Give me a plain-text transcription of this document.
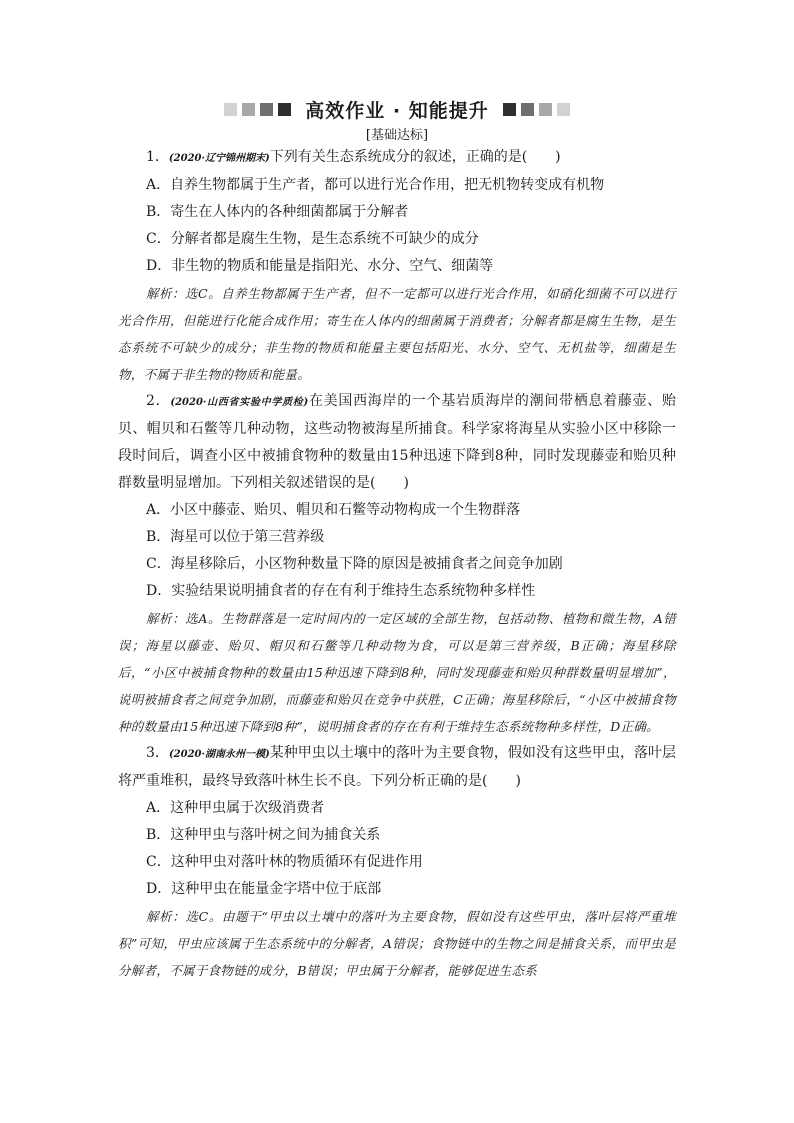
高效作业 · 知能提升
[基础达标]

1．(2020·辽宁锦州期末)下列有关生态系统成分的叙述，正确的是(　　)

A．自养生物都属于生产者，都可以进行光合作用，把无机物转变成有机物

B．寄生在人体内的各种细菌都属于分解者

C．分解者都是腐生生物，是生态系统不可缺少的成分

D．非生物的物质和能量是指阳光、水分、空气、细菌等

解析：选C。自养生物都属于生产者，但不一定都可以进行光合作用，如硝化细菌不可以进行光合作用，但能进行化能合成作用；寄生在人体内的细菌属于消费者；分解者都是腐生生物，是生态系统不可缺少的成分；非生物的物质和能量主要包括阳光、水分、空气、无机盐等，细菌是生物，不属于非生物的物质和能量。

2．(2020·山西省实验中学质检)在美国西海岸的一个基岩质海岸的潮间带栖息着藤壶、贻贝、帽贝和石鳖等几种动物，这些动物被海星所捕食。科学家将海星从实验小区中移除一段时间后，调查小区中被捕食物种的数量由15种迅速下降到8种，同时发现藤壶和贻贝种群数量明显增加。下列相关叙述错误的是(　　)

A．小区中藤壶、贻贝、帽贝和石鳖等动物构成一个生物群落

B．海星可以位于第三营养级

C．海星移除后，小区物种数量下降的原因是被捕食者之间竞争加剧

D．实验结果说明捕食者的存在有利于维持生态系统物种多样性

解析：选A。生物群落是一定时间内的一定区域的全部生物，包括动物、植物和微生物，A错误；海星以藤壶、贻贝、帽贝和石鳖等几种动物为食，可以是第三营养级，B正确；海星移除后，“小区中被捕食物种的数量由15种迅速下降到8种，同时发现藤壶和贻贝种群数量明显增加”，说明被捕食者之间竞争加剧，而藤壶和贻贝在竞争中获胜，C正确；海星移除后，“小区中被捕食物种的数量由15种迅速下降到8种”，说明捕食者的存在有利于维持生态系统物种多样性，D正确。

3．(2020·湖南永州一模)某种甲虫以土壤中的落叶为主要食物，假如没有这些甲虫，落叶层将严重堆积，最终导致落叶林生长不良。下列分析正确的是(　　)

A．这种甲虫属于次级消费者

B．这种甲虫与落叶树之间为捕食关系

C．这种甲虫对落叶林的物质循环有促进作用

D．这种甲虫在能量金字塔中位于底部

解析：选C。由题干“甲虫以土壤中的落叶为主要食物，假如没有这些甲虫，落叶层将严重堆积”可知，甲虫应该属于生态系统中的分解者，A错误；食物链中的生物之间是捕食关系，而甲虫是分解者，不属于食物链的成分，B错误；甲虫属于分解者，能够促进生态系
